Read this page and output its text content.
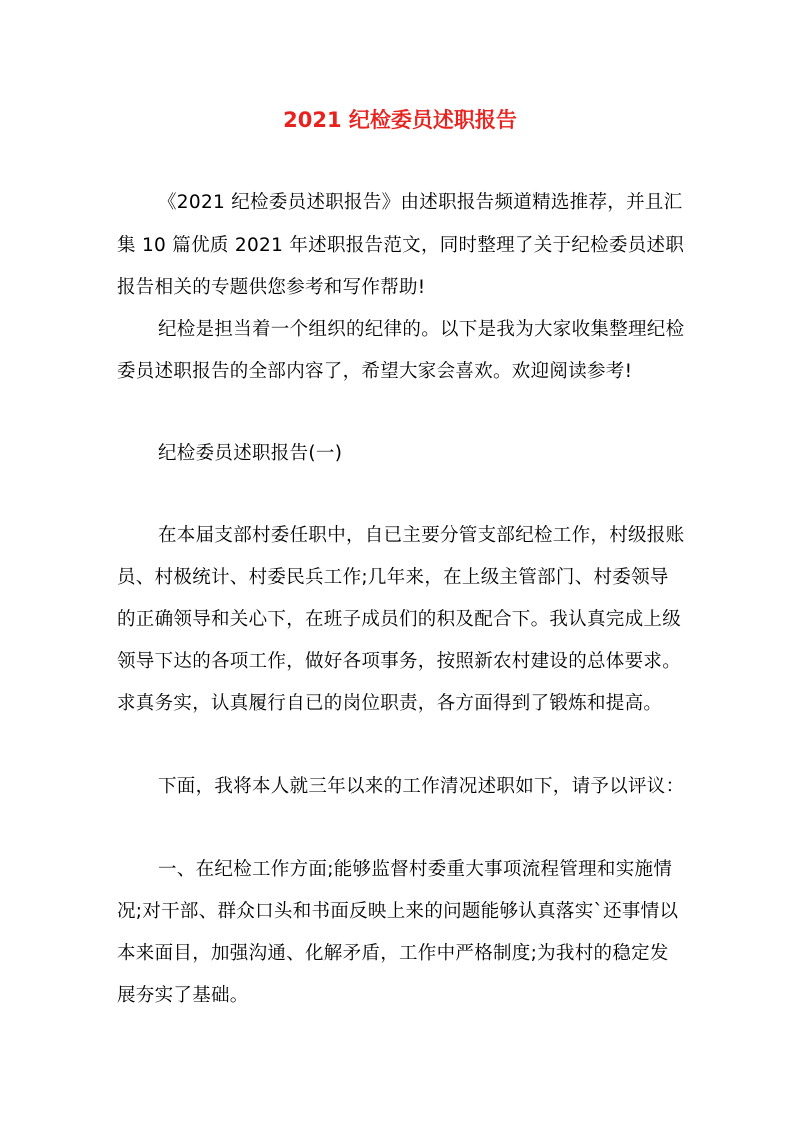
2021 纪检委员述职报告
《2021 纪检委员述职报告》由述职报告频道精选推荐，并且汇
集 10 篇优质 2021 年述职报告范文，同时整理了关于纪检委员述职
报告相关的专题供您参考和写作帮助!
纪检是担当着一个组织的纪律的。以下是我为大家收集整理纪检
委员述职报告的全部内容了，希望大家会喜欢。欢迎阅读参考!
纪检委员述职报告(一)
在本届支部村委任职中，自已主要分管支部纪检工作，村级报账
员、村极统计、村委民兵工作;几年来，在上级主管部门、村委领导
的正确领导和关心下，在班子成员们的积及配合下。我认真完成上级
领导下达的各项工作，做好各项事务，按照新农村建设的总体要求。
求真务实，认真履行自已的岗位职责，各方面得到了锻炼和提高。
下面，我将本人就三年以来的工作清况述职如下，请予以评议：
一、在纪检工作方面;能够监督村委重大事项流程管理和实施情
况;对干部、群众口头和书面反映上来的问题能够认真落实`还事情以
本来面目，加强沟通、化解矛盾，工作中严格制度;为我村的稳定发
展夯实了基础。
